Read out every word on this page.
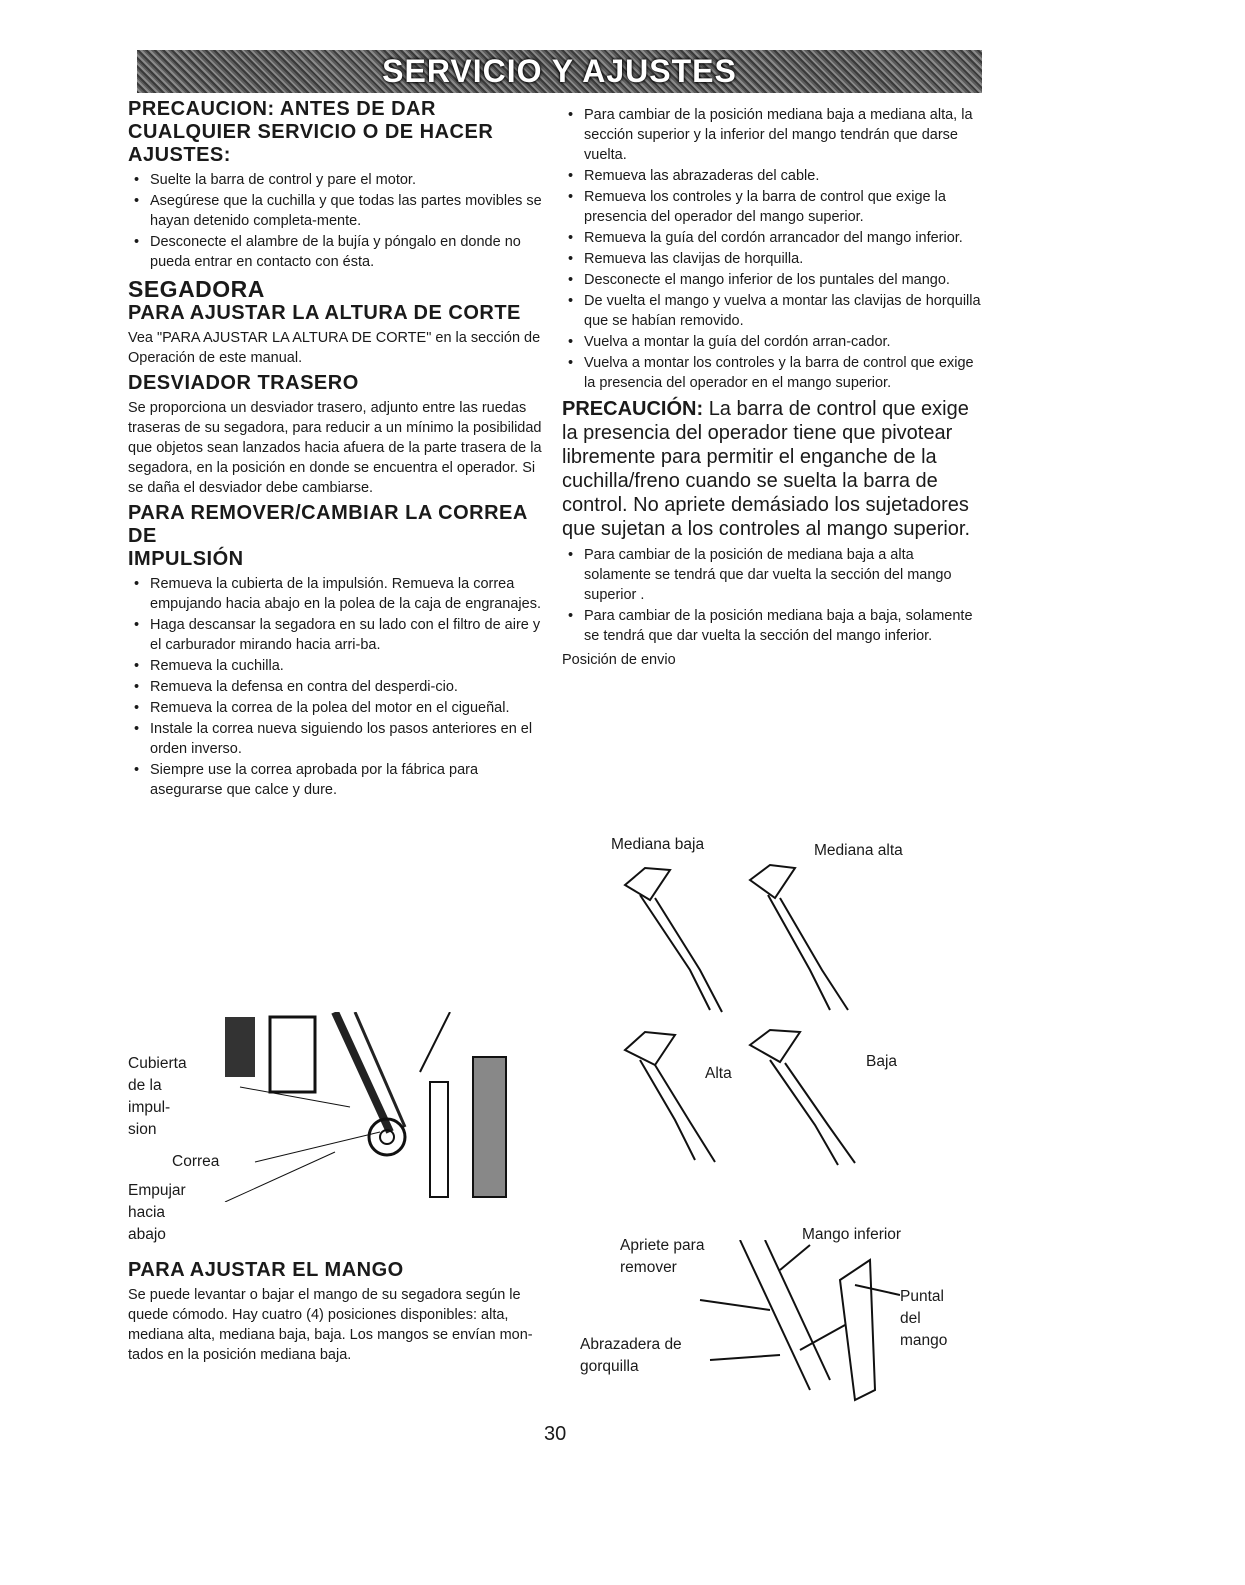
SERVICIO Y AJUSTES
PRECAUCION: ANTES DE DAR CUALQUIER SERVICIO O DE HACER AJUSTES:
• Suelte la barra de control y pare el motor.
• Asegúrese que la cuchilla y que todas las partes movibles se hayan detenido completa-mente.
• Desconecte el alambre de la bujía y póngalo en donde no pueda entrar en contacto con ésta.
SEGADORA
PARA AJUSTAR LA ALTURA DE CORTE

Vea "PARA AJUSTAR LA ALTURA DE CORTE" en la sección de Operación de este manual.

DESVIADOR TRASERO

Se proporciona un desviador trasero, adjunto entre las ruedas traseras de su segadora, para reducir a un mínimo la posibilidad que objetos sean lanzados hacia afuera de la parte trasera de la segadora, en la posición en donde se encuentra el operador. Si se daña el desviador debe cambiarse.

PARA REMOVER/CAMBIAR LA CORREA DE
IMPULSIÓN
• Remueva la cubierta de la impulsión. Remueva la correa empujando hacia abajo en la polea de la caja de engranajes.
• Haga descansar la segadora en su lado con el filtro de aire y el carburador mirando hacia arri-ba.
• Remueva la cuchilla.
• Remueva la defensa en contra del desperdi-cio.
• Remueva la correa de la polea del motor en el cigueñal.
• Instale la correa nueva siguiendo los pasos anteriores en el orden inverso.
• Siempre use la correa aprobada por la fábrica para asegurarse que calce y dure.
Cubierta
de la
impul-
sion
Correa
Empujar
hacia
abajo
PARA AJUSTAR EL MANGO

Se puede levantar o bajar el mango de su segadora según le quede cómodo. Hay cuatro (4) posiciones disponibles: alta, mediana alta, mediana baja, baja. Los mangos se envían mon-tados en la posición mediana baja.

• Para cambiar de la posición mediana baja a mediana alta, la sección superior y la inferior del mango tendrán que darse vuelta.
• Remueva las abrazaderas del cable.
• Remueva los controles y la barra de control que exige la presencia del operador del mango superior.
• Remueva la guía del cordón arrancador del mango inferior.
• Remueva las clavijas de horquilla.
• Desconecte el mango inferior de los puntales del mango.
• De vuelta el mango y vuelva a montar las clavijas de horquilla que se habían removido.
• Vuelva a montar la guía del cordón arran-cador.
• Vuelva a montar los controles y la barra de control que exige la presencia del operador en el mango superior.
PRECAUCIÓN: La barra de control que exige la presencia del operador tiene que pivotear libremente para permitir el enganche de la cuchilla/freno cuando se suelta la barra de control. No apriete demásiado los sujetadores que sujetan a los controles al mango superior.
• Para cambiar de la posición de mediana baja a alta solamente se tendrá que dar vuelta la sección del mango superior .
• Para cambiar de la posición mediana baja a baja, solamente se tendrá que dar vuelta la sección del mango inferior.

Posición de envio

Mediana baja	Mediana alta
Alta
Baja
Apriete para
remover
Mango inferior
Puntal
del
mango
Abrazadera de
gorquilla
30
